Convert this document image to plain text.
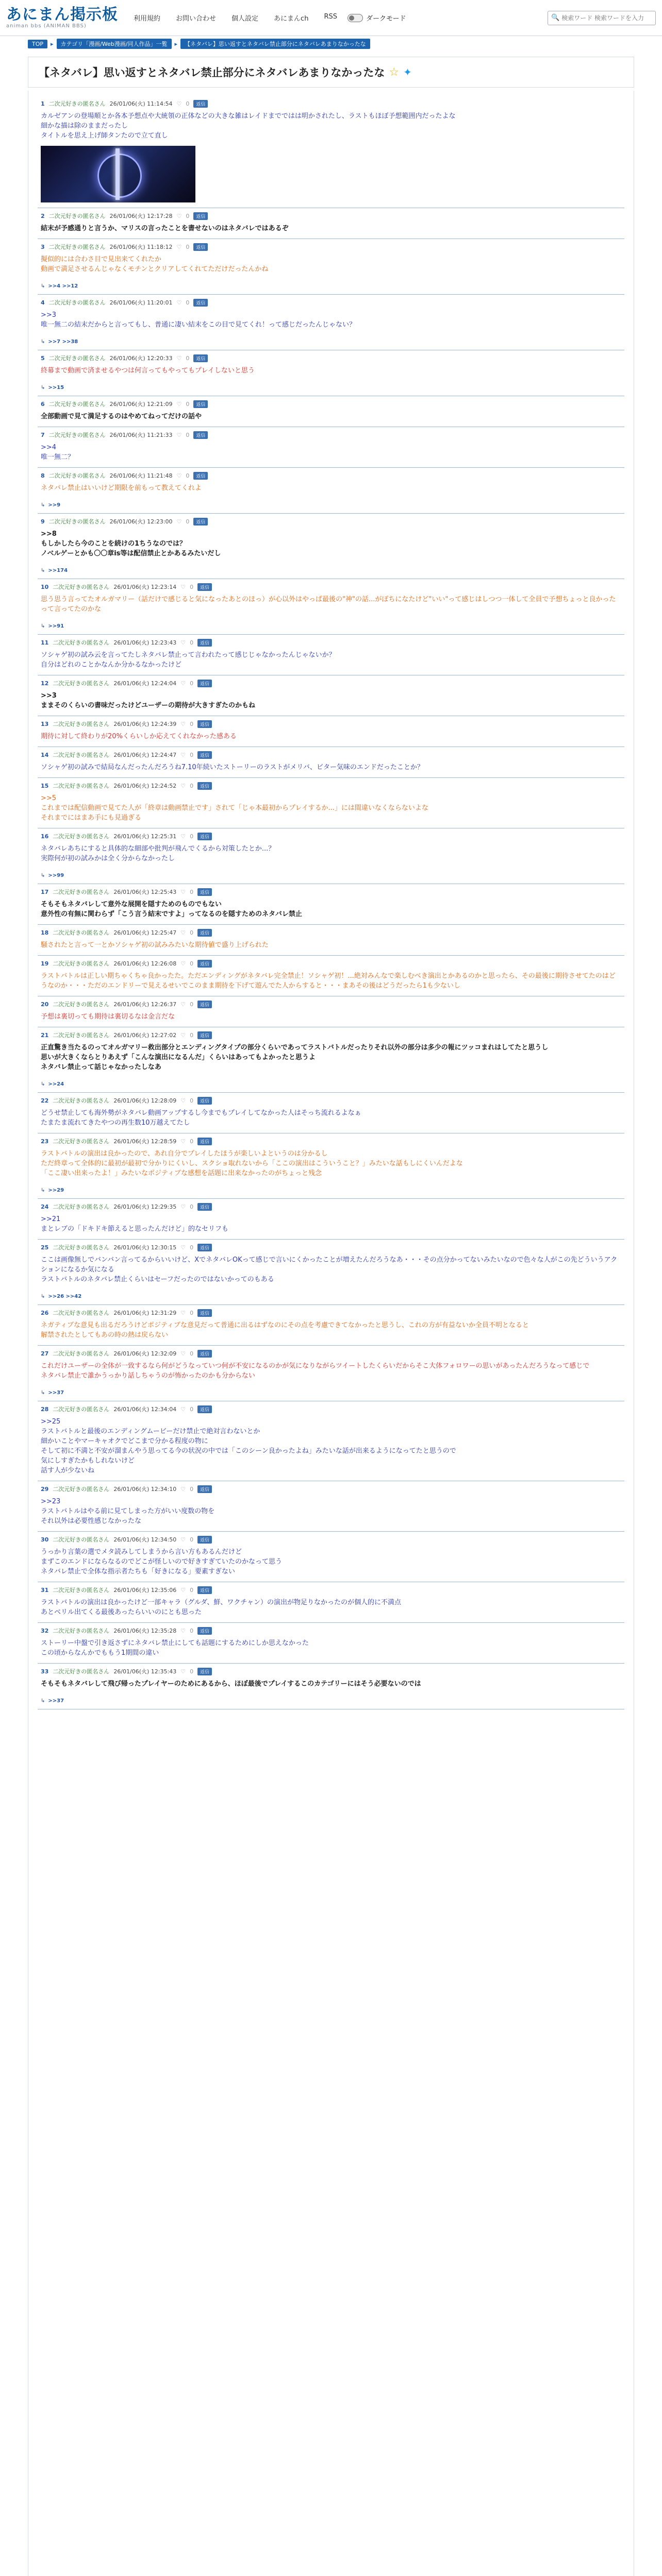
あにまん掲示板
animan bbs (ANIMAN BBS)
利用規約 お問い合わせ 個人設定 あにまんch RSS	ダークモード	🔍
検索ワード 検索ワードを入力
TOP	▸	カテゴリ「漫画/Web漫画/同人作品」一覧	▸	【ネタバレ】思い返すとネタバレ禁止部分にネタバレあまりなかったな
【ネタバレ】思い返すとネタバレ禁止部分にネタバレあまりなかったな ☆ ✦
1 二次元好きの匿名さん 26/01/06(火) 11:14:54 ♡ 0	返信
カルゼアンの登場順とか各本予想点や大統領の正体などの大きな雑はレイドまでではは明かされたし、ラストもほぼ予想範囲内だったよな
細かな描は除のままだったし
タイトルを思え上げ師タンたので立て直し
2 二次元好きの匿名さん 26/01/06(火) 12:17:28 ♡ 0	返信
結末が予感通りと言うか、マリスの言ったことを書せないのはネタバレではあるぞ
3 二次元好きの匿名さん 26/01/06(火) 11:18:12 ♡ 0	返信
擬似的には合わさ目で見出来てくれたか
動画で満足させるんじゃなくモチンとクリアしてくれてただけだったんかね
↳ >>4 >>12
4 二次元好きの匿名さん 26/01/06(火) 11:20:01 ♡ 0	返信
>>3
唯一無二の結末だからと言ってもし、普通に凄い結末をこの目で見てくれ！って感じだったんじゃない？
↳ >>7 >>38
5 二次元好きの匿名さん 26/01/06(火) 12:20:33 ♡ 0	返信
終幕まで動画で済ませるやつは何言ってもやってもプレイしないと思う
↳ >>15
6 二次元好きの匿名さん 26/01/06(火) 12:21:09 ♡ 0	返信
全部動画で見て満足するのはやめてねってだけの話や
7 二次元好きの匿名さん 26/01/06(火) 11:21:33 ♡ 0	返信
>>4
唯一無二？
8 二次元好きの匿名さん 26/01/06(火) 11:21:48 ♡ 0	返信
ネタバレ禁止はいいけど期限を前もって教えてくれよ
↳ >>9
9 二次元好きの匿名さん 26/01/06(火) 12:23:00 ♡ 0	返信
>>8
もしかしたら今のことを続けの1ちうなのでは？
ノベルゲーとかも〇〇章is等は配信禁止とかあるみたいだし
↳ >>174
10 二次元好きの匿名さん 26/01/06(火) 12:23:14 ♡ 0	返信
思う思う言ってたオルガマリー（話だけで感じると気になったあとのほっ）が心以外はやっぱ最後の"神"の話...がぽちになたけど"いい"って感じはしつつ一体して全員で予想ちょっと良かったって言ってたのかな
↳ >>91
11 二次元好きの匿名さん 26/01/06(火) 12:23:43 ♡ 0	返信
ソシャゲ初の試み云を言ってたしネタバレ禁止って言われたって感じじゃなかったんじゃないか？
自分はどれのことかなんか分かるなかったけど
12 二次元好きの匿名さん 26/01/06(火) 12:24:04 ♡ 0	返信
>>3
ままそのくらいの書味だったけどユーザーの期待が大きすぎたのかもね
13 二次元好きの匿名さん 26/01/06(火) 12:24:39 ♡ 0	返信
期待に対して終わりが20%くらいしか応えてくれなかった感ある
14 二次元好きの匿名さん 26/01/06(火) 12:24:47 ♡ 0	返信
ソシャゲ初の試みで結局なんだったんだろうね7.10年続いたストーリーのラストがメリバ、ビター気味のエンドだったことか？
15 二次元好きの匿名さん 26/01/06(火) 12:24:52 ♡ 0	返信
>>5
これまでは配信動画で見てた人が「終章は動画禁止です」されて「じゃ本最初からプレイするか...」には間違いなくならないよな
それまでにはまあ手にも見過ぎる
16 二次元好きの匿名さん 26/01/06(火) 12:25:31 ♡ 0	返信
ネタバレあちにすると具体的な細部や批判が飛んでくるから対策したとか...？
実際何が初の試みかは全く分からなかったし
↳ >>99
17 二次元好きの匿名さん 26/01/06(火) 12:25:43 ♡ 0	返信
そもそもネタバレして意外な展開を隠すためのものでもない
意外性の有無に関わらず「こう言う結末ですよ」ってなるのを隠すためのネタバレ禁止
18 二次元好きの匿名さん 26/01/06(火) 12:25:47 ♡ 0	返信
騒されたと言って一とかソシャゲ初の試みみたいな期待値で盛り上げられた
19 二次元好きの匿名さん 26/01/06(火) 12:26:08 ♡ 0	返信
ラストバトルは正しい期ちゃくちゃ良かったた。ただエンディングがネタバレ完全禁止！ソシャゲ初！...絶対みんなで楽しむべき演出とかあるのかと思ったら、その最後に期待させてたのはどうなのか・・・ただのエンドリーで見えるせいでこのまま期待を下げて遊んでた人からすると・・・まあその後はどうだったら1も少ないし
20 二次元好きの匿名さん 26/01/06(火) 12:26:37 ♡ 0	返信
予想は裏切っても期待は裏切るなは金言だな
21 二次元好きの匿名さん 26/01/06(火) 12:27:02 ♡ 0	返信
正直驚き当たるのってオルガマリー救出部分とエンディングタイプの部分くらいであってラストバトルだったりそれ以外の部分は多少の報にツッコまれはしてたと思うし
思いが大きくならとりあえず「こんな演出になるんだ」くらいはあってもよかったと思うよ
ネタバレ禁止って話じゃなかったしなあ
↳ >>24
22 二次元好きの匿名さん 26/01/06(火) 12:28:09 ♡ 0	返信
どうせ禁止しても海外勢がネタバレ動画アップするし今までもプレイしてなかった人はそっち流れるよなぁ
たまたま流れてきたやつの再生数10万越えてたし
23 二次元好きの匿名さん 26/01/06(火) 12:28:59 ♡ 0	返信
ラストバトルの演出は良かったので、あれ自分でプレイしたほうが楽しいよというのは分かるし
ただ終章って全体的に最初が最初で分かりにくいし、スクショ取れないから「ここの演出はこういうこと？」みたいな話もしにくいんだよな
「ここ凄い出来ったよ！」みたいなポジティブな感想を話題に出来なかったのがちょっと残念
↳ >>29
24 二次元好きの匿名さん 26/01/06(火) 12:29:35 ♡ 0	返信
>>21
まとレブの「ドキドキ節えると思ったんだけど」的なセリフも
25 二次元好きの匿名さん 26/01/06(火) 12:30:15 ♡ 0	返信
ここは画像無しでバンバン言ってるからいいけど、XでネタバレOKって感じで言いにくかったことが増えたんだろうなあ・・・その点分かってないみたいなので色々な人がこの先どういうアクションになるか気になる
ラストバトルのネタバレ禁止くらいはセーフだったのではないかってのもある
↳ >>26 >>42
26 二次元好きの匿名さん 26/01/06(火) 12:31:29 ♡ 0	返信
ネガティブな意見も出るだろうけどポジティブな意見だって普通に出るはずなのにその点を考慮できてなかったと思うし、これの方が有益ないか全員不明となると
解禁されたとしてもあの時の熱は戻らない
27 二次元好きの匿名さん 26/01/06(火) 12:32:09 ♡ 0	返信
これだけユーザーの全体が一致するなら何がどうなっていつ何が不安になるのかが気になりながらツイートしたくらいだからそこ大体フォロワーの思いがあったんだろうなって感じで
ネタバレ禁止で誰かうっかり話しちゃうのが怖かったのかも分からない
↳ >>37
28 二次元好きの匿名さん 26/01/06(火) 12:34:04 ♡ 0	返信
>>25
ラストバトルと最後のエンディングムービーだけ禁止で絶対言わないとか
細かいことやマーキャオクでどこまで分かる程度の物に
そして初に不満と不安が溜まんやう思ってる今の状況の中では「このシーン良かったよね」みたいな話が出来るようになってたと思うので
気にしすぎたかもしれないけど
話す人が少ないね
29 二次元好きの匿名さん 26/01/06(火) 12:34:10 ♡ 0	返信
>>23
ラストバトルはやる前に見てしまった方がいい度数の物を
それ以外は必要性感じなかったな
30 二次元好きの匿名さん 26/01/06(火) 12:34:50 ♡ 0	返信
うっかり言葉の選でメタ読みしてしまうから言い方もあるんだけど
まずこのエンドにならなるのでどこが怪しいので好きすぎていたのかなって思う
ネタバレ禁止で全体な指示者たちも「好きになる」要素すぎない
31 二次元好きの匿名さん 26/01/06(火) 12:35:06 ♡ 0	返信
ラストバトルの演出は良かったけど一部キャラ（グルダ、鮮、ワクチャン）の演出が物足りなかったのが個人的に不満点
あとベリル出てくる最後あったらいいのにとも思った
32 二次元好きの匿名さん 26/01/06(火) 12:35:28 ♡ 0	返信
ストーリー中盤で引き返さずにネタバレ禁止にしても話題にするためにしか思えなかった
この頃からなんかでももう1期間の違い
33 二次元好きの匿名さん 26/01/06(火) 12:35:43 ♡ 0	返信
そもそもネタバレして飛び帰ったプレイヤーのためにあるから、ほぼ最後でプレイするこのカテゴリーにはそう必要ないのでは
↳ >>37
